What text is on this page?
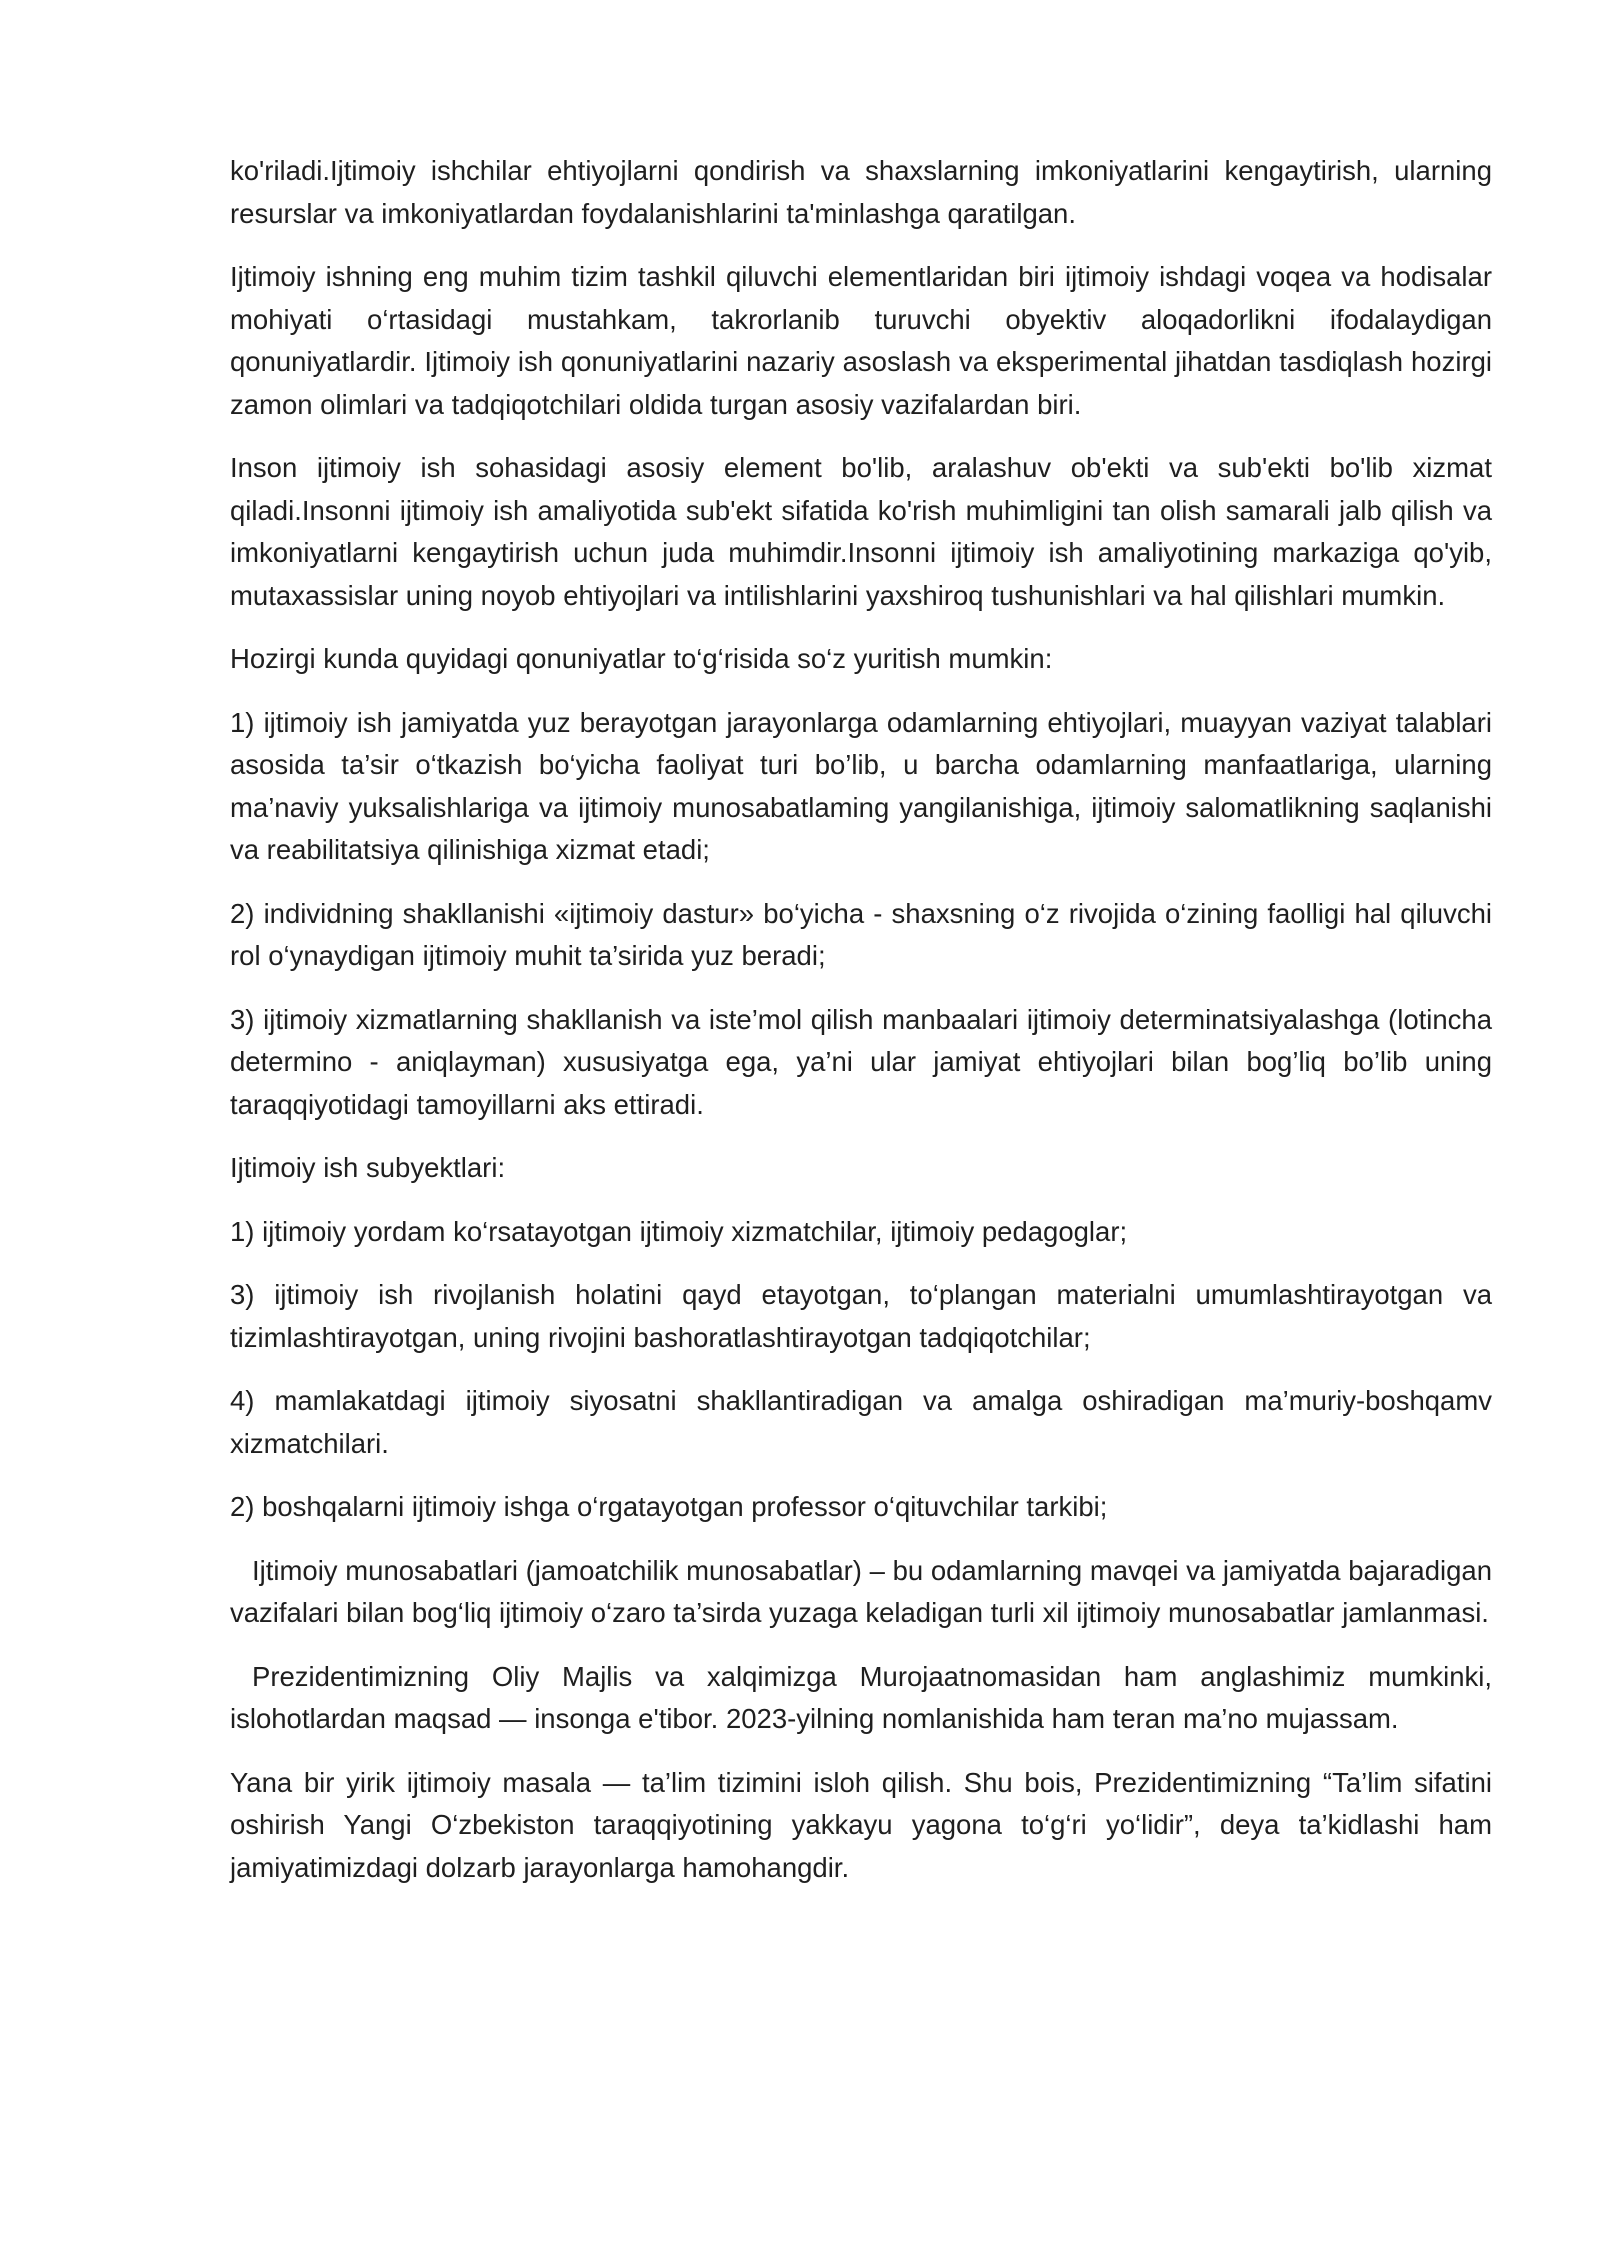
ko'riladi.Ijtimoiy ishchilar ehtiyojlarni qondirish va shaxslarning imkoniyatlarini kengaytirish, ularning resurslar va imkoniyatlardan foydalanishlarini ta'minlashga qaratilgan.

Ijtimoiy ishning eng muhim tizim tashkil qiluvchi elementlaridan biri ijtimoiy ishdagi voqea va hodisalar mohiyati o‘rtasidagi mustahkam, takrorlanib turuvchi obyektiv aloqadorlikni ifodalaydigan qonuniyatlardir. Ijtimoiy ish qonuniyatlarini nazariy asoslash va eksperimental jihatdan tasdiqlash hozirgi zamon olimlari va tadqiqotchilari oldida turgan asosiy vazifalardan biri.

Inson ijtimoiy ish sohasidagi asosiy element bo'lib, aralashuv ob'ekti va sub'ekti bo'lib xizmat qiladi.Insonni ijtimoiy ish amaliyotida sub'ekt sifatida ko'rish muhimligini tan olish samarali jalb qilish va imkoniyatlarni kengaytirish uchun juda muhimdir.Insonni ijtimoiy ish amaliyotining markaziga qo'yib, mutaxassislar uning noyob ehtiyojlari va intilishlarini yaxshiroq tushunishlari va hal qilishlari mumkin.

Hozirgi kunda quyidagi qonuniyatlar to‘g‘risida so‘z yuritish mumkin:

1) ijtimoiy ish jamiyatda yuz berayotgan jarayonlarga odamlarning ehtiyojlari, muayyan vaziyat talablari asosida ta’sir o‘tkazish bo‘yicha faoliyat turi bo’lib, u barcha odamlarning manfaatlariga, ularning ma’naviy yuksalishlariga va ijtimoiy munosabatlaming yangilanishiga, ijtimoiy salomatlikning saqlanishi va reabilitatsiya qilinishiga xizmat etadi;

2) individning shakllanishi «ijtimoiy dastur» bo‘yicha - shaxsning o‘z rivojida o‘zining faolligi hal qiluvchi rol o‘ynaydigan ijtimoiy muhit ta’sirida yuz beradi;

3) ijtimoiy xizmatlarning shakllanish va iste’mol qilish manbaalari ijtimoiy determinatsiyalashga (lotincha determino - aniqlayman) xususiyatga ega, ya’ni ular jamiyat ehtiyojlari bilan bog’liq bo’lib uning taraqqiyotidagi tamoyillarni aks ettiradi.

Ijtimoiy ish subyektlari:

1) ijtimoiy yordam ko‘rsatayotgan ijtimoiy xizmatchilar, ijtimoiy pedagoglar;

3) ijtimoiy ish rivojlanish holatini qayd etayotgan, to‘plangan materialni umumlashtirayotgan va tizimlashtirayotgan, uning rivojini bashoratlashtirayotgan tadqiqotchilar;

4) mamlakatdagi ijtimoiy siyosatni shakllantiradigan va amalga oshiradigan ma’muriy-boshqamv xizmatchilari.

2) boshqalarni ijtimoiy ishga o‘rgatayotgan professor o‘qituvchilar tarkibi;

Ijtimoiy munosabatlari (jamoatchilik munosabatlar) – bu odamlarning mavqei va jamiyatda bajaradigan vazifalari bilan bog‘liq ijtimoiy o‘zaro ta’sirda yuzaga keladigan turli xil ijtimoiy munosabatlar jamlanmasi.

Prezidentimizning Oliy Majlis va xalqimizga Murojaatnomasidan ham anglashimiz mumkinki, islohotlardan maqsad — insonga e'tibor. 2023-yilning nomlanishida ham teran ma’no mujassam.

Yana bir yirik ijtimoiy masala — ta’lim tizimini isloh qilish. Shu bois, Prezidentimizning “Ta’lim sifatini oshirish Yangi O‘zbekiston taraqqiyotining yakkayu yagona to‘g‘ri yo‘lidir”, deya ta’kidlashi ham jamiyatimizdagi dolzarb jarayonlarga hamohangdir.
